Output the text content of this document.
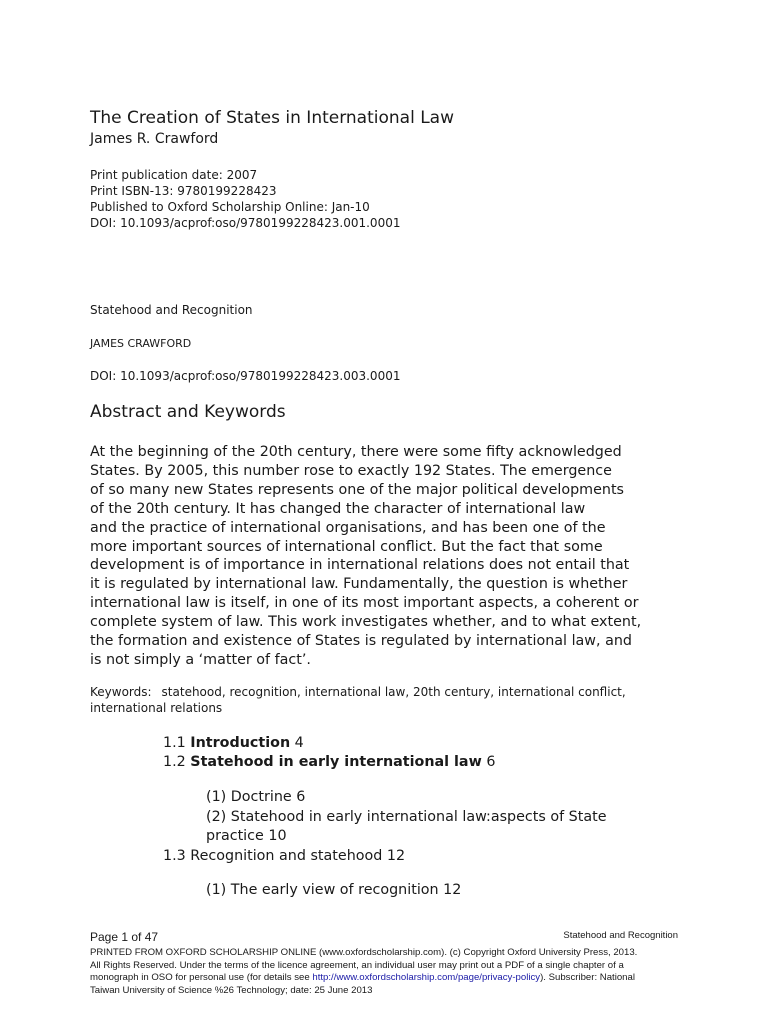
The Creation of States in International Law
James R. Crawford
Print publication date: 2007
Print ISBN-13: 9780199228423
Published to Oxford Scholarship Online: Jan-10
DOI: 10.1093/acprof:oso/9780199228423.001.0001
Statehood and Recognition
JAMES CRAWFORD
DOI: 10.1093/acprof:oso/9780199228423.003.0001
Abstract and Keywords
At the beginning of the 20th century, there were some fifty acknowledged
States. By 2005, this number rose to exactly 192 States. The emergence
of so many new States represents one of the major political developments
of the 20th century. It has changed the character of international law
and the practice of international organisations, and has been one of the
more important sources of international conflict. But the fact that some
development is of importance in international relations does not entail that
it is regulated by international law. Fundamentally, the question is whether
international law is itself, in one of its most important aspects, a coherent or
complete system of law. This work investigates whether, and to what extent,
the formation and existence of States is regulated by international law, and
is not simply a ‘matter of fact’.
Keywords: statehood, recognition, international law, 20th century, international conflict, international relations
1.1 Introduction 4
1.2 Statehood in early international law 6
(1) Doctrine 6
(2) Statehood in early international law:aspects of State
practice 10
1.3 Recognition and statehood 12
(1) The early view of recognition 12
Page 1 of 47	Statehood and Recognition
PRINTED FROM OXFORD SCHOLARSHIP ONLINE (www.oxfordscholarship.com). (c) Copyright Oxford University Press, 2013.
All Rights Reserved. Under the terms of the licence agreement, an individual user may print out a PDF of a single chapter of a
monograph in OSO for personal use (for details see http://www.oxfordscholarship.com/page/privacy-policy). Subscriber: National
Taiwan University of Science %26 Technology; date: 25 June 2013
